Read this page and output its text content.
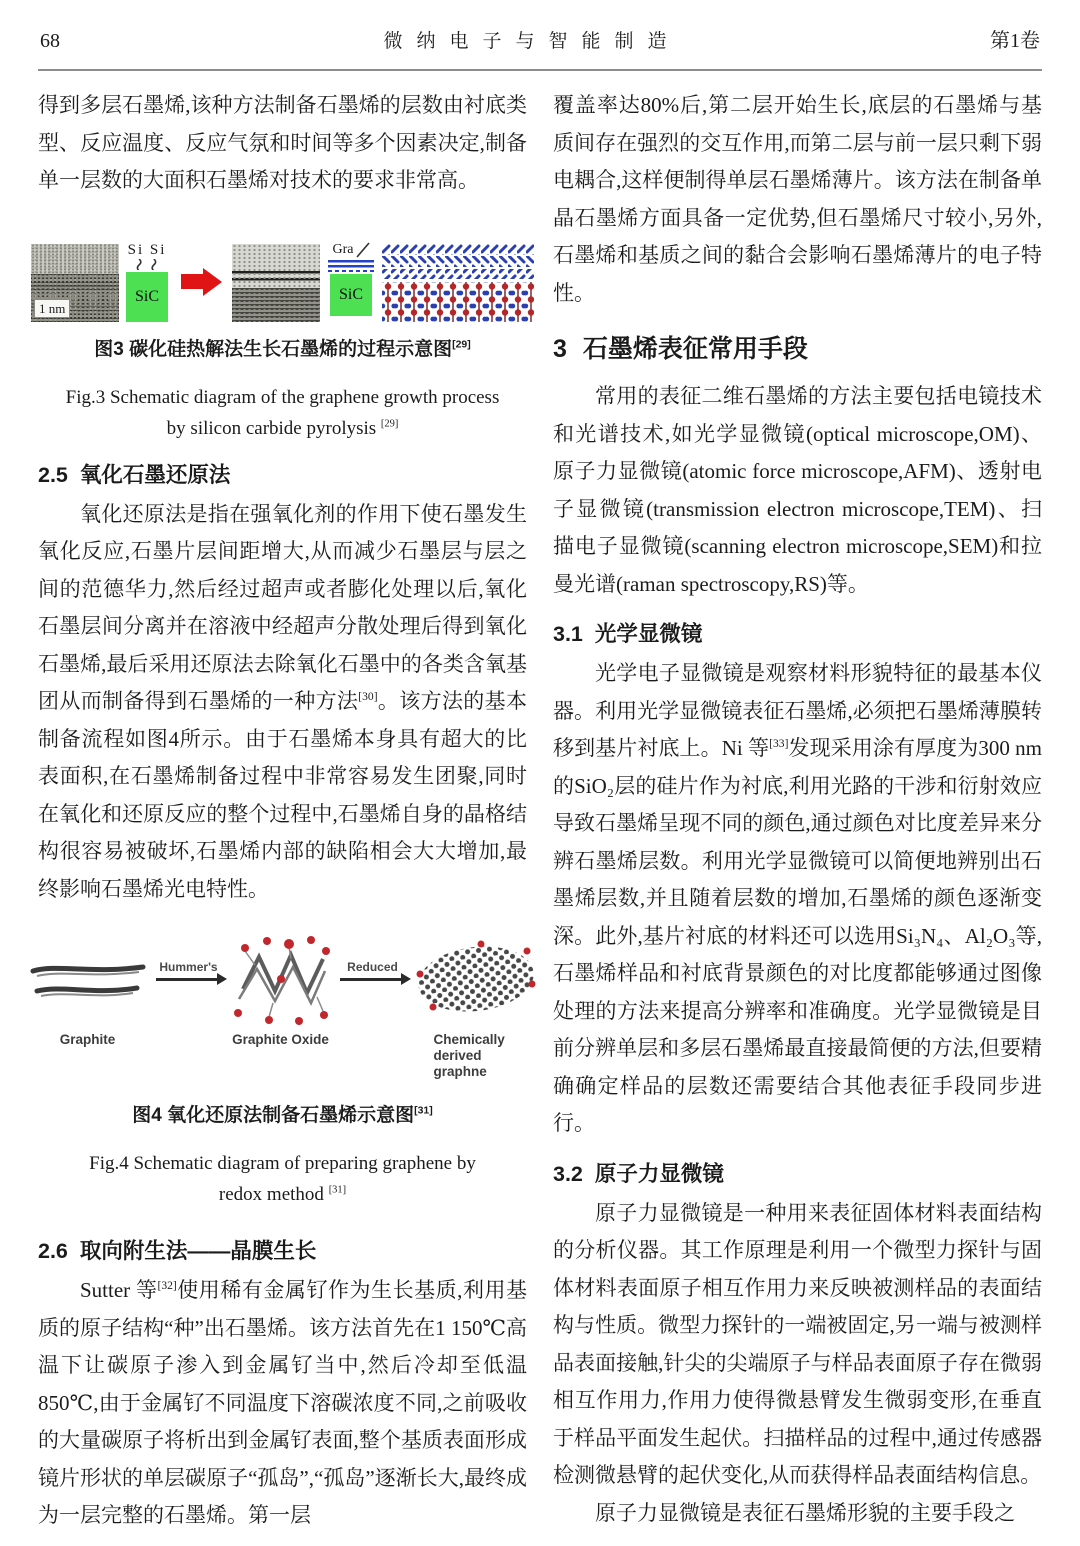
68	微纳电子与智能制造	第1卷

得到多层石墨烯,该种方法制备石墨烯的层数由衬底类型、反应温度、反应气氛和时间等多个因素决定,制备单一层数的大面积石墨烯对技术的要求非常高。

1 nm
Si Si
SiC
Gra
SiC

图3 碳化硅热解法生长石墨烯的过程示意图[29]

Fig.3 Schematic diagram of the graphene growth process

by silicon carbide pyrolysis [29]

2.5 氧化石墨还原法

氧化还原法是指在强氧化剂的作用下使石墨发生氧化反应,石墨片层间距增大,从而减少石墨层与层之间的范德华力,然后经过超声或者膨化处理以后,氧化石墨层间分离并在溶液中经超声分散处理后得到氧化石墨烯,最后采用还原法去除氧化石墨中的各类含氧基团从而制备得到石墨烯的一种方法[30]。该方法的基本制备流程如图4所示。由于石墨烯本身具有超大的比表面积,在石墨烯制备过程中非常容易发生团聚,同时在氧化和还原反应的整个过程中,石墨烯自身的晶格结构很容易被破坏,石墨烯内部的缺陷相会大大增加,最终影响石墨烯光电特性。

Graphite
Hummer's
Graphite Oxide
Reduced
Chemically derived graphne

图4 氧化还原法制备石墨烯示意图[31]

Fig.4 Schematic diagram of preparing graphene by

redox method [31]

2.6 取向附生法——晶膜生长

Sutter 等[32]使用稀有金属钌作为生长基质,利用基质的原子结构“种”出石墨烯。该方法首先在1 150℃高温下让碳原子渗入到金属钌当中,然后冷却至低温850℃,由于金属钌不同温度下溶碳浓度不同,之前吸收的大量碳原子将析出到金属钌表面,整个基质表面形成镜片形状的单层碳原子“孤岛”,“孤岛”逐渐长大,最终成为一层完整的石墨烯。第一层

覆盖率达80%后,第二层开始生长,底层的石墨烯与基质间存在强烈的交互作用,而第二层与前一层只剩下弱电耦合,这样便制得单层石墨烯薄片。该方法在制备单晶石墨烯方面具备一定优势,但石墨烯尺寸较小,另外,石墨烯和基质之间的黏合会影响石墨烯薄片的电子特性。

3 石墨烯表征常用手段

常用的表征二维石墨烯的方法主要包括电镜技术和光谱技术,如光学显微镜(optical microscope,OM)、原子力显微镜(atomic force microscope,AFM)、透射电子显微镜(transmission electron microscope,TEM)、扫描电子显微镜(scanning electron microscope,SEM)和拉曼光谱(raman spectroscopy,RS)等。

3.1 光学显微镜

光学电子显微镜是观察材料形貌特征的最基本仪器。利用光学显微镜表征石墨烯,必须把石墨烯薄膜转移到基片衬底上。Ni 等[33]发现采用涂有厚度为300 nm的SiO₂层的硅片作为衬底,利用光路的干涉和衍射效应导致石墨烯呈现不同的颜色,通过颜色对比度差异来分辨石墨烯层数。利用光学显微镜可以简便地辨别出石墨烯层数,并且随着层数的增加,石墨烯的颜色逐渐变深。此外,基片衬底的材料还可以选用Si₃N₄、Al₂O₃等,石墨烯样品和衬底背景颜色的对比度都能够通过图像处理的方法来提高分辨率和准确度。光学显微镜是目前分辨单层和多层石墨烯最直接最简便的方法,但要精确确定样品的层数还需要结合其他表征手段同步进行。

3.2 原子力显微镜

原子力显微镜是一种用来表征固体材料表面结构的分析仪器。其工作原理是利用一个微型力探针与固体材料表面原子相互作用力来反映被测样品的表面结构与性质。微型力探针的一端被固定,另一端与被测样品表面接触,针尖的尖端原子与样品表面原子存在微弱相互作用力,作用力使得微悬臂发生微弱变形,在垂直于样品平面发生起伏。扫描样品的过程中,通过传感器检测微悬臂的起伏变化,从而获得样品表面结构信息。

原子力显微镜是表征石墨烯形貌的主要手段之
